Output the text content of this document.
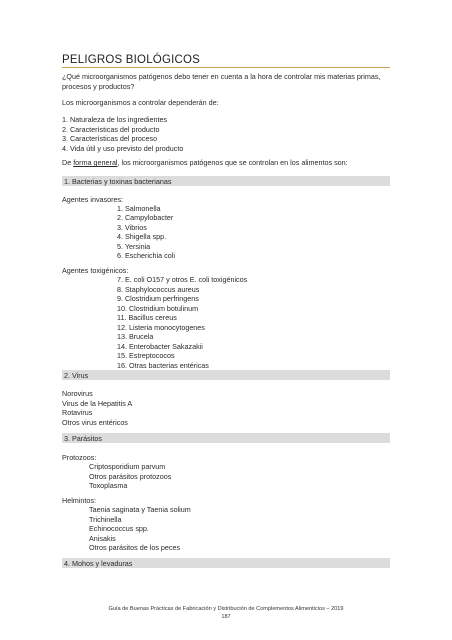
PELIGROS BIOLÓGICOS
¿Qué microorganismos patógenos debo tener en cuenta a la hora de controlar mis materias primas,
procesos y productos?
Los microorganismos a controlar dependerán de:
1. Naturaleza de los ingredientes
2. Características del producto
3. Características del proceso
4. Vida útil y uso previsto del producto
De forma general, los microorganismos patógenos que se controlan en los alimentos son:
1. Bacterias y toxinas bacterianas
Agentes invasores:
1. Salmonella
2. Campylobacter
3. Vibrios
4. Shigella spp.
5. Yersinia
6. Escherichia coli
Agentes toxigénicos:
7. E. coli O157 y otros E. coli toxigénicos
8. Staphylococcus aureus
9. Clostridium perfringens
10. Clostridium botulinum
11. Bacillus cereus
12. Listeria monocytogenes
13. Brucela
14. Enterobacter Sakazakii
15. Estreptococos
16. Otras bacterias entéricas
2. Virus
Norovirus
Virus de la Hepatitis A
Rotavirus
Otros virus entéricos
3. Parásitos
Protozoos:
Criptosporidium parvum
Otros parásitos protozoos
Toxoplasma
Helmintos:
Taenia saginata y Taenia solium
Trichinella
Echinococcus spp.
Anisakis
Otros parásitos de los peces
4. Mohos y levaduras
Guía de Buenas Prácticas de Fabricación y Distribución de Complementos Alimenticios – 2019
187
